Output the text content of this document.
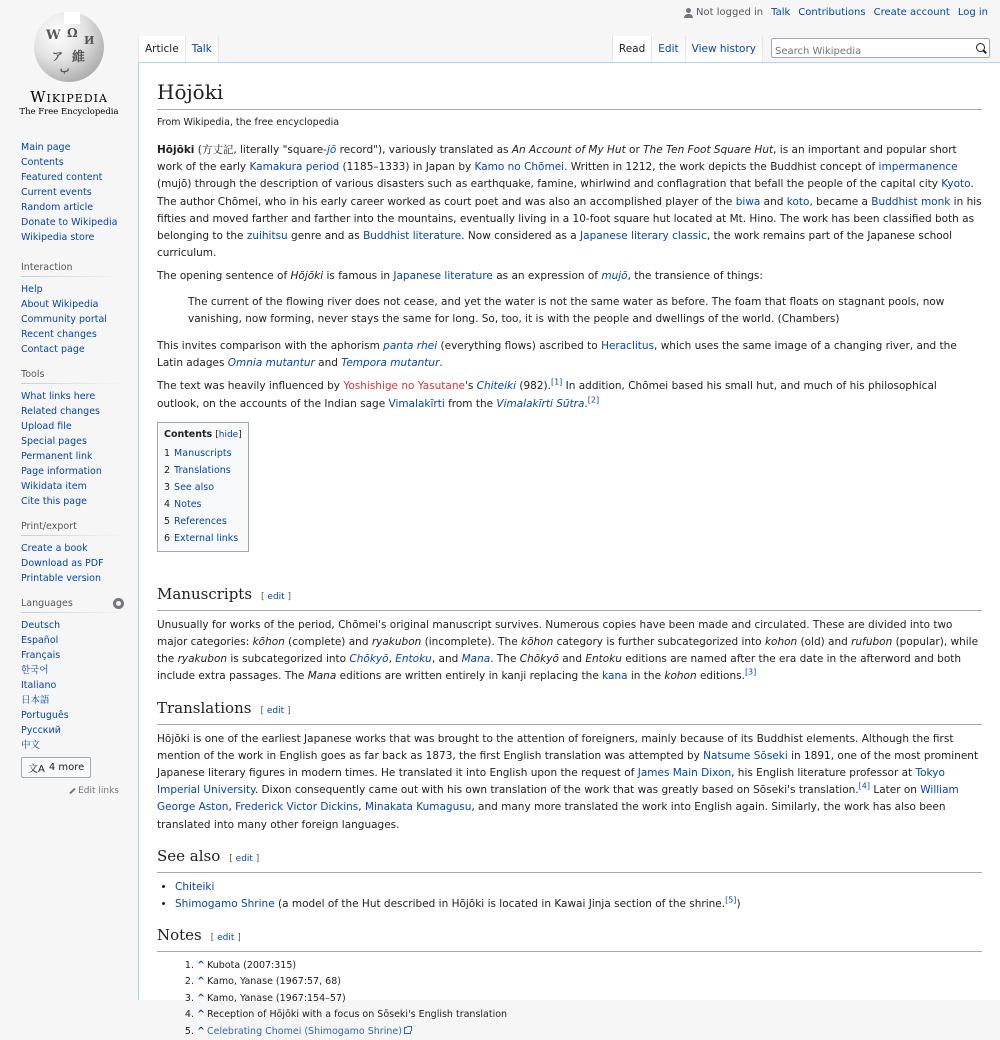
Not logged in Talk Contributions Create account Log in
W Ω
И
ア 維
ب
Wikipedia
The Free Encyclopedia
Main page
Contents
Featured content
Current events
Random article
Donate to Wikipedia
Wikipedia store
Interaction
Help
About Wikipedia
Community portal
Recent changes
Contact page
Tools
What links here
Related changes
Upload file
Special pages
Permanent link
Page information
Wikidata item
Cite this page
Print/export
Create a book
Download as PDF
Printable version
Languages
Deutsch
Español
Français
한국어
Italiano
日本語
Português
Русский
中文
文A 4 more
Edit links
Article	Talk	Read	Edit	View history
Search Wikipedia
Hōjōki
From Wikipedia, the free encyclopedia

Hōjōki (方丈記, literally "square-jō record"), variously translated as An Account of My Hut or The Ten Foot Square Hut, is an important and popular short work of the early Kamakura period (1185–1333) in Japan by Kamo no Chōmei. Written in 1212, the work depicts the Buddhist concept of impermanence (mujō) through the description of various disasters such as earthquake, famine, whirlwind and conflagration that befall the people of the capital city Kyoto. The author Chōmei, who in his early career worked as court poet and was also an accomplished player of the biwa and koto, became a Buddhist monk in his fifties and moved farther and farther into the mountains, eventually living in a 10-foot square hut located at Mt. Hino. The work has been classified both as belonging to the zuihitsu genre and as Buddhist literature. Now considered as a Japanese literary classic, the work remains part of the Japanese school curriculum.

The opening sentence of Hōjōki is famous in Japanese literature as an expression of mujō, the transience of things:

The current of the flowing river does not cease, and yet the water is not the same water as before. The foam that floats on stagnant pools, now vanishing, now forming, never stays the same for long. So, too, it is with the people and dwellings of the world. (Chambers)

This invites comparison with the aphorism panta rhei (everything flows) ascribed to Heraclitus, which uses the same image of a changing river, and the Latin adages Omnia mutantur and Tempora mutantur.

The text was heavily influenced by Yoshishige no Yasutane's Chiteiki (982).[1] In addition, Chōmei based his small hut, and much of his philosophical outlook, on the accounts of the Indian sage Vimalakīrti from the Vimalakīrti Sūtra.[2]

Contents [hide]
1 Manuscripts
2 Translations
3 See also
4 Notes
5 References
6 External links
Manuscripts [ edit ]

Unusually for works of the period, Chōmei's original manuscript survives. Numerous copies have been made and circulated. These are divided into two major categories: kōhon (complete) and ryakubon (incomplete). The kōhon category is further subcategorized into kohon (old) and rufubon (popular), while the ryakubon is subcategorized into Chōkyō, Entoku, and Mana. The Chōkyō and Entoku editions are named after the era date in the afterword and both include extra passages. The Mana editions are written entirely in kanji replacing the kana in the kohon editions.[3]

Translations [ edit ]

Hōjōki is one of the earliest Japanese works that was brought to the attention of foreigners, mainly because of its Buddhist elements. Although the first mention of the work in English goes as far back as 1873, the first English translation was attempted by Natsume Sōseki in 1891, one of the most prominent Japanese literary figures in modern times. He translated it into English upon the request of James Main Dixon, his English literature professor at Tokyo Imperial University. Dixon consequently came out with his own translation of the work that was greatly based on Sōseki's translation.[4] Later on William George Aston, Frederick Victor Dickins, Minakata Kumagusu, and many more translated the work into English again. Similarly, the work has also been translated into many other foreign languages.

See also [ edit ]
• Chiteiki
• Shimogamo Shrine (a model of the Hut described in Hōjōki is located in Kawai Jinja section of the shrine.[5])
Notes [ edit ]
1. ^ Kubota (2007:315)
2. ^ Kamo, Yanase (1967:57, 68)
3. ^ Kamo, Yanase (1967:154–57)
4. ^ Reception of Hōjōki with a focus on Sōseki's English translation
5. ^ Celebrating Chomei (Shimogamo Shrine)
